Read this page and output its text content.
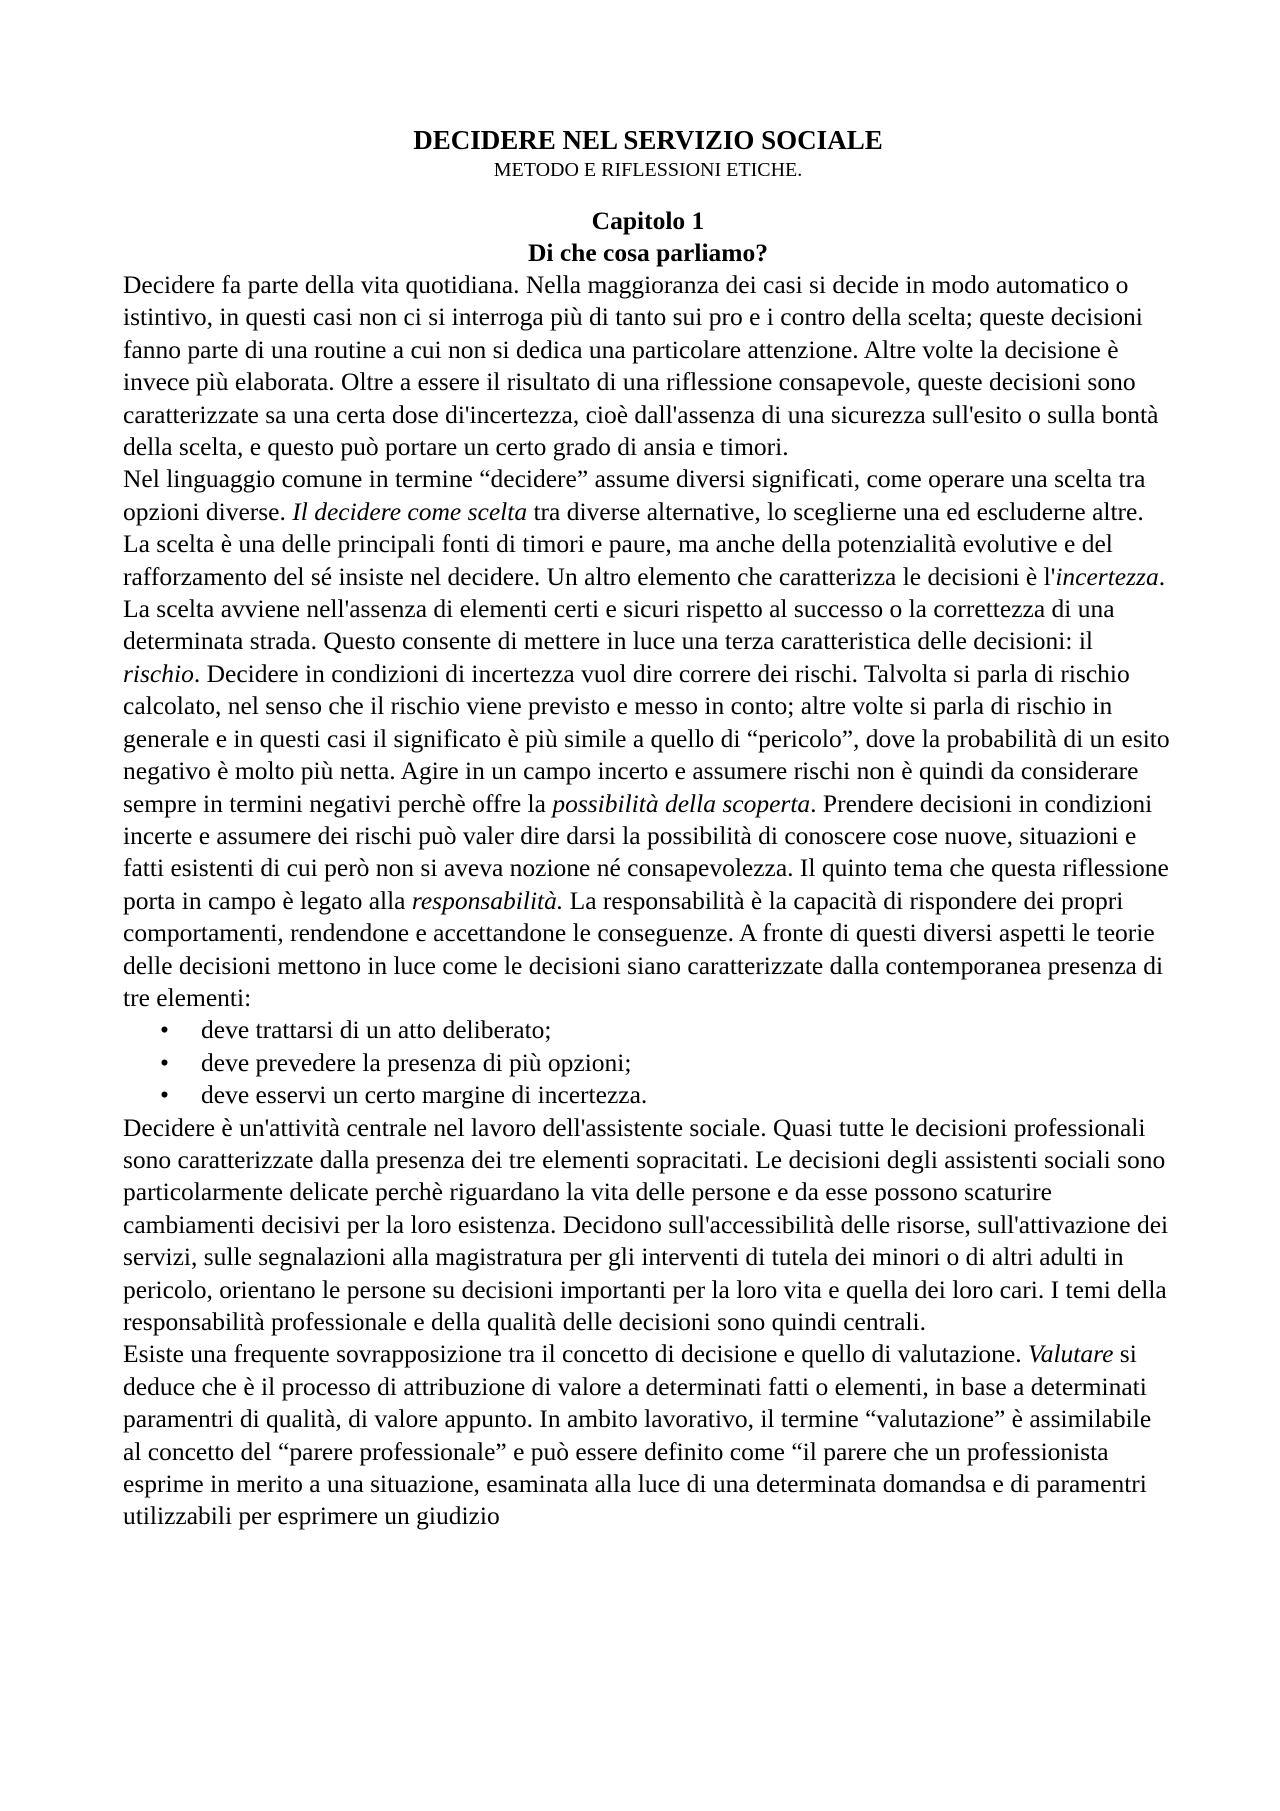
DECIDERE NEL SERVIZIO SOCIALE
METODO E RIFLESSIONI ETICHE.
Capitolo 1
Di che cosa parliamo?

Decidere fa parte della vita quotidiana. Nella maggioranza dei casi si decide in modo automatico o istintivo, in questi casi non ci si interroga più di tanto sui pro e i contro della scelta; queste decisioni fanno parte di una routine a cui non si dedica una particolare attenzione. Altre volte la decisione è invece più elaborata. Oltre a essere il risultato di una riflessione consapevole, queste decisioni sono caratterizzate sa una certa dose di'incertezza, cioè dall'assenza di una sicurezza sull'esito o sulla bontà della scelta, e questo può portare un certo grado di ansia e timori.

Nel linguaggio comune in termine “decidere” assume diversi significati, come operare una scelta tra opzioni diverse. Il decidere come scelta tra diverse alternative, lo sceglierne una ed escluderne altre. La scelta è una delle principali fonti di timori e paure, ma anche della potenzialità evolutive e del rafforzamento del sé insiste nel decidere. Un altro elemento che caratterizza le decisioni è l'incertezza. La scelta avviene nell'assenza di elementi certi e sicuri rispetto al successo o la correttezza di una determinata strada. Questo consente di mettere in luce una terza caratteristica delle decisioni: il rischio. Decidere in condizioni di incertezza vuol dire correre dei rischi. Talvolta si parla di rischio calcolato, nel senso che il rischio viene previsto e messo in conto; altre volte si parla di rischio in generale e in questi casi il significato è più simile a quello di “pericolo”, dove la probabilità di un esito negativo è molto più netta. Agire in un campo incerto e assumere rischi non è quindi da considerare sempre in termini negativi perchè offre la possibilità della scoperta. Prendere decisioni in condizioni incerte e assumere dei rischi può valer dire darsi la possibilità di conoscere cose nuove, situazioni e fatti esistenti di cui però non si aveva nozione né consapevolezza. Il quinto tema che questa riflessione porta in campo è legato alla responsabilità. La responsabilità è la capacità di rispondere dei propri comportamenti, rendendone e accettandone le conseguenze. A fronte di questi diversi aspetti le teorie delle decisioni mettono in luce come le decisioni siano caratterizzate dalla contemporanea presenza di tre elementi:

• deve trattarsi di un atto deliberato;
• deve prevedere la presenza di più opzioni;
• deve esservi un certo margine di incertezza.

Decidere è un'attività centrale nel lavoro dell'assistente sociale. Quasi tutte le decisioni professionali sono caratterizzate dalla presenza dei tre elementi sopracitati. Le decisioni degli assistenti sociali sono particolarmente delicate perchè riguardano la vita delle persone e da esse possono scaturire cambiamenti decisivi per la loro esistenza. Decidono sull'accessibilità delle risorse, sull'attivazione dei servizi, sulle segnalazioni alla magistratura per gli interventi di tutela dei minori o di altri adulti in pericolo, orientano le persone su decisioni importanti per la loro vita e quella dei loro cari. I temi della responsabilità professionale e della qualità delle decisioni sono quindi centrali.

Esiste una frequente sovrapposizione tra il concetto di decisione e quello di valutazione. Valutare si deduce che è il processo di attribuzione di valore a determinati fatti o elementi, in base a determinati paramentri di qualità, di valore appunto. In ambito lavorativo, il termine “valutazione” è assimilabile al concetto del “parere professionale” e può essere definito come “il parere che un professionista esprime in merito a una situazione, esaminata alla luce di una determinata domandsa e di paramentri utilizzabili per esprimere un giudizio
